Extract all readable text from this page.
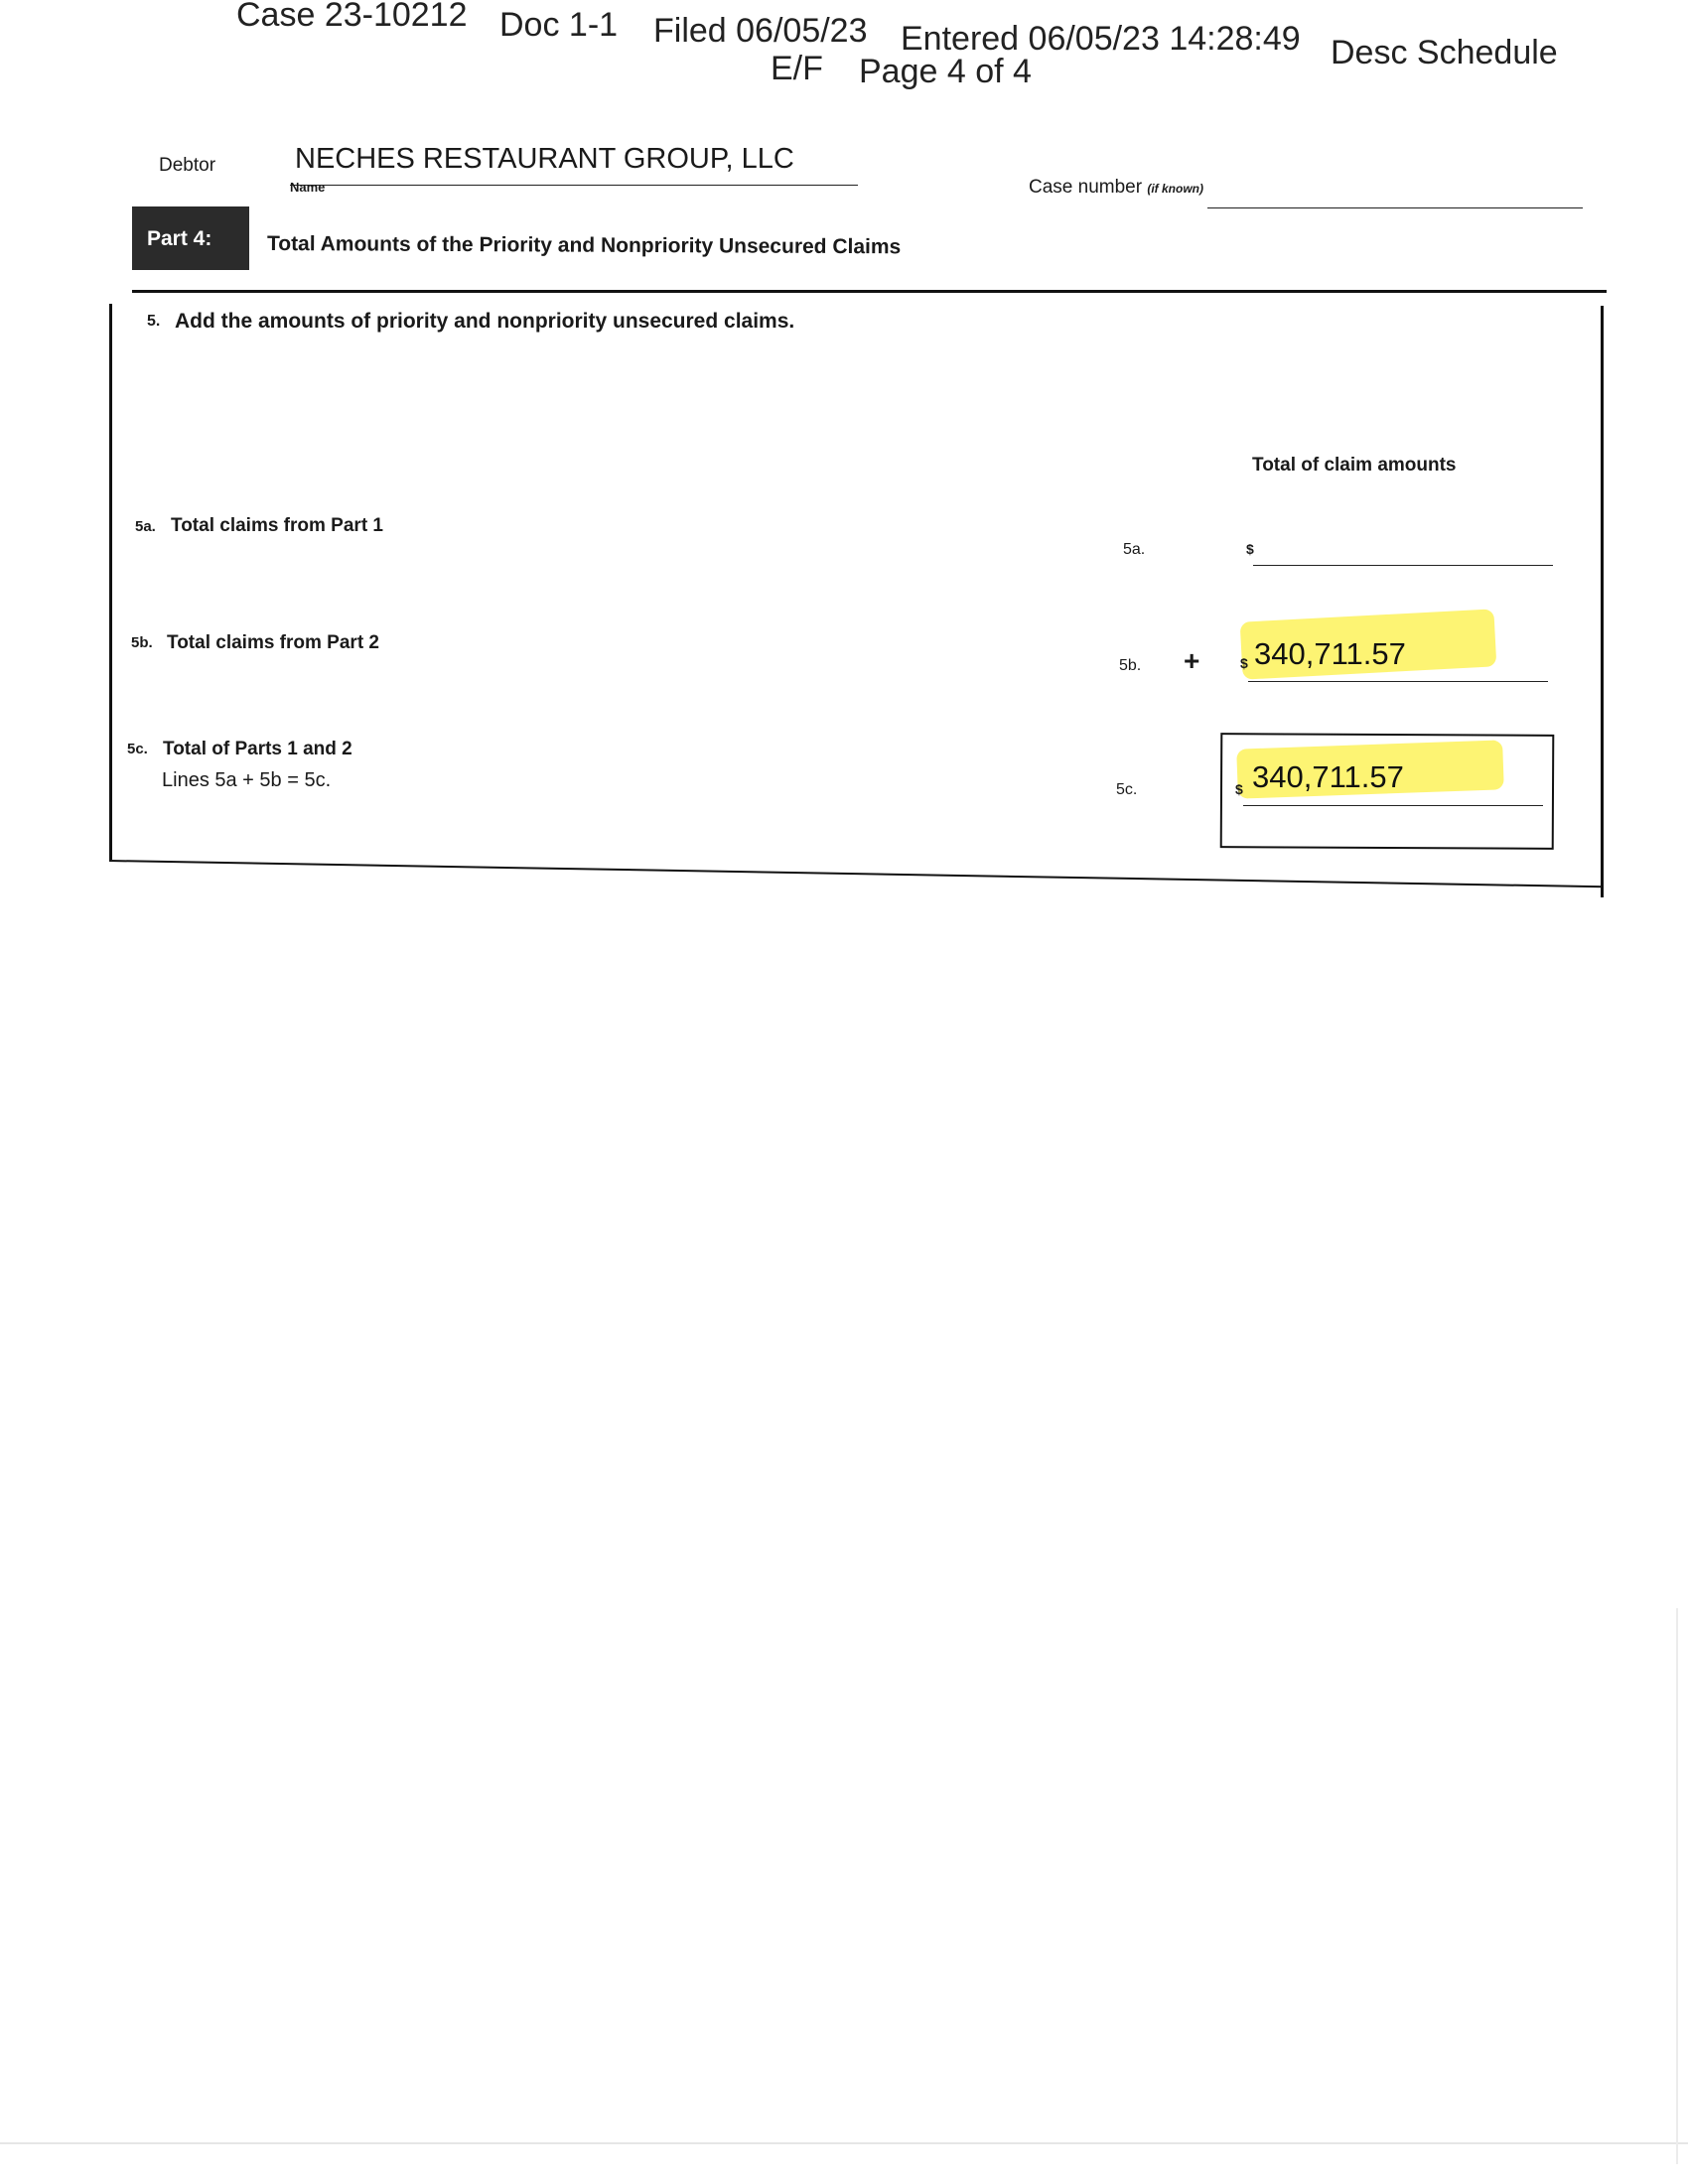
Case 23-10212 Doc 1-1 Filed 06/05/23 Entered 06/05/23 14:28:49 Desc Schedule
E/F Page 4 of 4
Debtor	NECHES RESTAURANT GROUP, LLC
Name	Case number (if known)
Part 4:	Total Amounts of the Priority and Nonpriority Unsecured Claims
5. Add the amounts of priority and nonpriority unsecured claims.
Total of claim amounts
5a. Total claims from Part 1
5a.	$
5b. Total claims from Part 2
5b. +	$ 340,711.57
5c. Total of Parts 1 and 2
Lines 5a + 5b = 5c.	5c.	$ 340,711.57
